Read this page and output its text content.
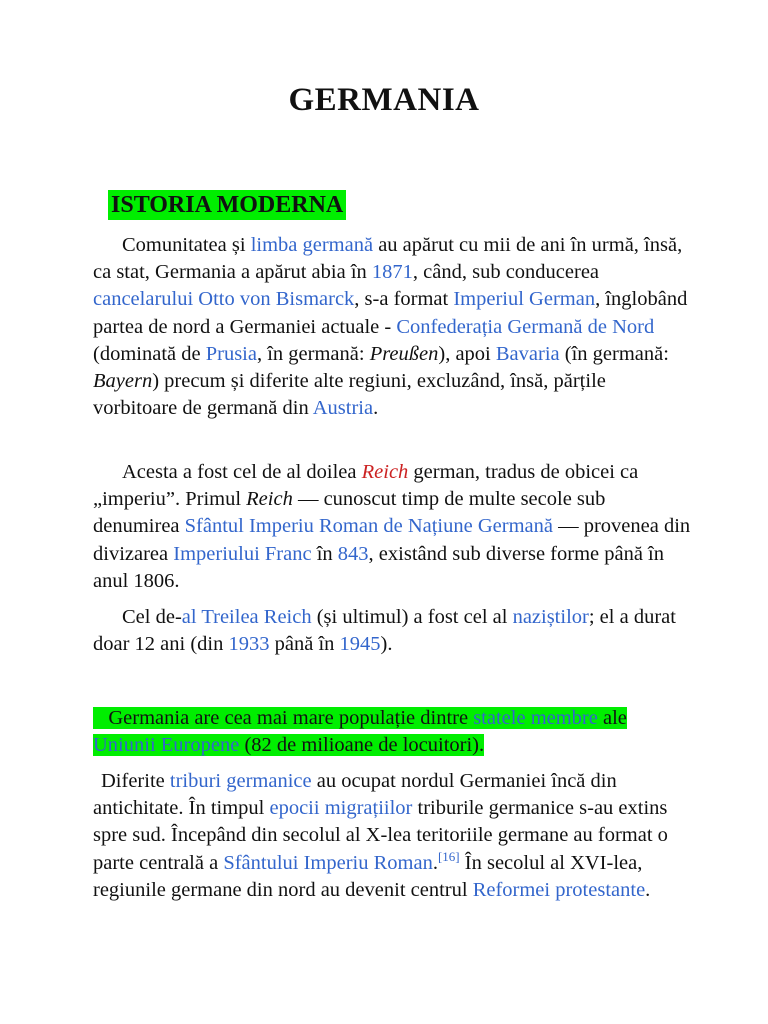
GERMANIA
ISTORIA MODERNA

Comunitatea și limba germană au apărut cu mii de ani în urmă, însă, ca stat, Germania a apărut abia în 1871, când, sub conducerea cancelarului Otto von Bismarck, s-a format Imperiul German, înglobând partea de nord a Germaniei actuale - Confederația Germană de Nord (dominată de Prusia, în germană: Preußen), apoi Bavaria (în germană: Bayern) precum și diferite alte regiuni, excluzând, însă, părțile vorbitoare de germană din Austria.

Acesta a fost cel de al doilea Reich german, tradus de obicei ca „imperiu”. Primul Reich — cunoscut timp de multe secole sub denumirea Sfântul Imperiu Roman de Națiune Germană — provenea din divizarea Imperiului Franc în 843, existând sub diverse forme până în anul 1806.

Cel de-al Treilea Reich (și ultimul) a fost cel al naziștilor; el a durat doar 12 ani (din 1933 până în 1945).

Germania are cea mai mare populație dintre statele membre ale Uniunii Europene (82 de milioane de locuitori).

Diferite triburi germanice au ocupat nordul Germaniei încă din antichitate. În timpul epocii migrațiilor triburile germanice s-au extins spre sud. Începând din secolul al X-lea teritoriile germane au format o parte centrală a Sfântului Imperiu Roman.[16] În secolul al XVI-lea, regiunile germane din nord au devenit centrul Reformei protestante.
